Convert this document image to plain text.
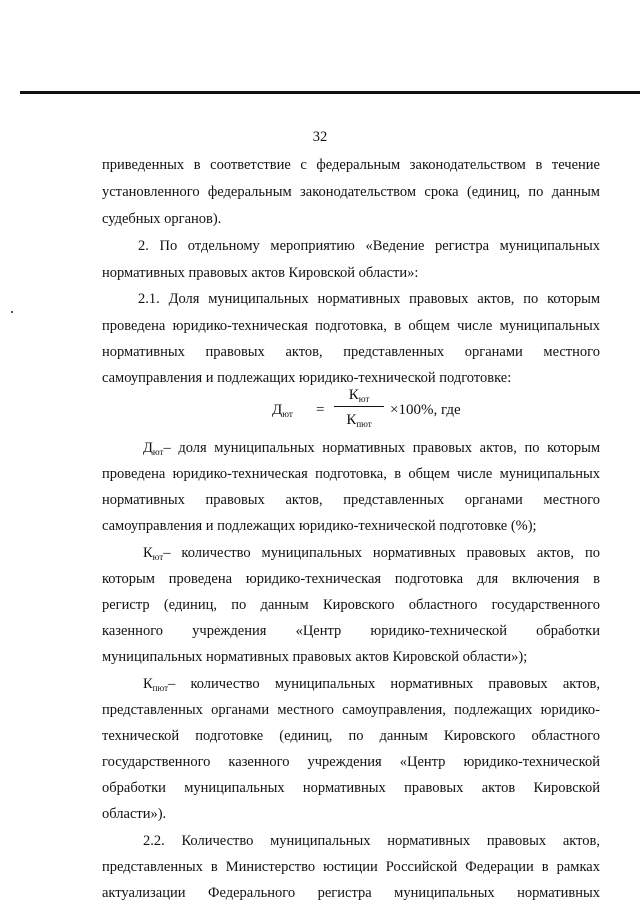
32
приведенных в соответствие с федеральным законодательством в течение
установленного федеральным законодательством срока (единиц, по данным
судебных органов).
2. По отдельному мероприятию «Ведение регистра муниципальных
нормативных правовых актов Кировской области»:
2.1. Доля муниципальных нормативных правовых актов, по которым
проведена юридико-техническая подготовка, в общем числе муниципальных
нормативных правовых актов, представленных органами местного
самоуправления и подлежащих юридико-технической подготовке:
$Д_{ют}$ =
$К_{ют}$
$К_{пют}$
×100%, где
$Д_{ют}-$ доля муниципальных нормативных правовых актов, по которым
проведена юридико-техническая подготовка, в общем числе муниципальных
нормативных правовых актов, представленных органами местного
самоуправления и подлежащих юридико-технической подготовке (%);
$К_{ют}-$ количество муниципальных нормативных правовых актов, по
которым проведена юридико-техническая подготовка для включения в
регистр (единиц, по данным Кировского областного государственного
казенного учреждения «Центр юридико-технической обработки
муниципальных нормативных правовых актов Кировской области»);
$К_{пют}-$ количество муниципальных нормативных правовых актов,
представленных органами местного самоуправления, подлежащих юридико-
технической подготовке (единиц, по данным Кировского областного
государственного казенного учреждения «Центр юридико-технической
обработки муниципальных нормативных правовых актов Кировской
области»).
2.2. Количество муниципальных нормативных правовых актов,
представленных в Министерство юстиции Российской Федерации в рамках
актуализации Федерального регистра муниципальных нормативных
